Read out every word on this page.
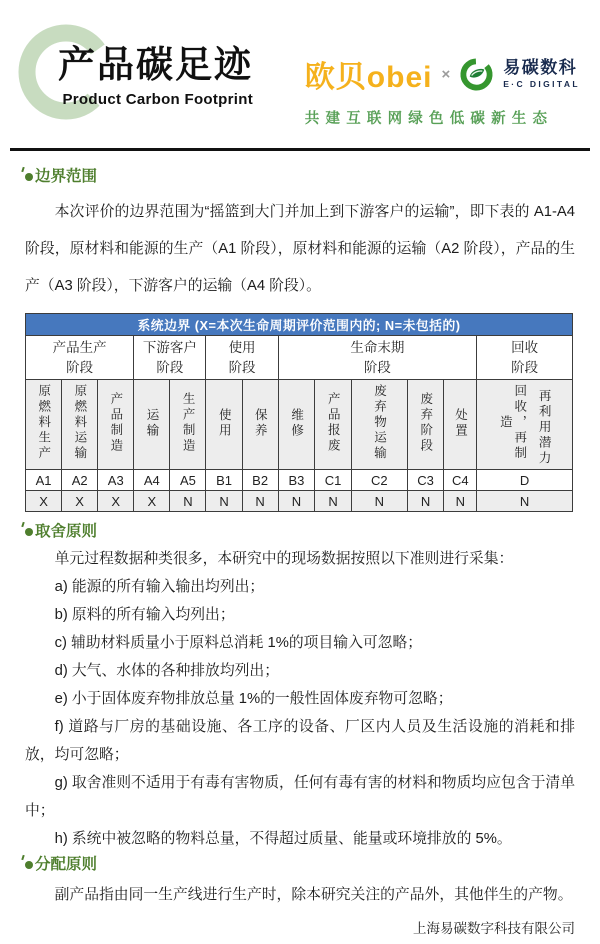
产品碳足迹
Product Carbon Footprint
欧贝obei ×	易碳数科
E·C DIGITAL
共建互联网绿色低碳新生态
边界范围

本次评价的边界范围为“摇篮到大门并加上到下游客户的运输”，即下表的 A1-A4 阶段，原材料和能源的生产（A1 阶段），原材料和能源的运输（A2 阶段），产品的生产（A3 阶段），下游客户的运输（A4 阶段）。

系统边界 (X=本次生命周期评价范围内的; N=未包括的)												

产品生产
阶段

下游客户
阶段

使用
阶段

生命末期
阶段

回收
阶段

原燃料生产	原燃料运输	产品制造	运输	生产制造	使用	保养	维修	产品报废	废弃物运输	废弃阶段	处置	回收，再制造 再利用潜力
A1	A2	A3	A4	A5	B1	B2	B3	C1	C2	C3	C4	D
X	X	X	X	N	N	N	N	N	N	N	N	N
取舍原则

单元过程数据种类很多，本研究中的现场数据按照以下准则进行采集：

a) 能源的所有输入输出均列出；

b) 原料的所有输入均列出；

c) 辅助材料质量小于原料总消耗 1%的项目输入可忽略；

d) 大气、水体的各种排放均列出；

e) 小于固体废弃物排放总量 1%的一般性固体废弃物可忽略；

f) 道路与厂房的基础设施、各工序的设备、厂区内人员及生活设施的消耗和排放，均可忽略；

g) 取舍准则不适用于有毒有害物质，任何有毒有害的材料和物质均应包含于清单中；

h) 系统中被忽略的物料总量，不得超过质量、能量或环境排放的 5%。

分配原则

副产品指由同一生产线进行生产时，除本研究关注的产品外，其他伴生的产物。

上海易碳数字科技有限公司
